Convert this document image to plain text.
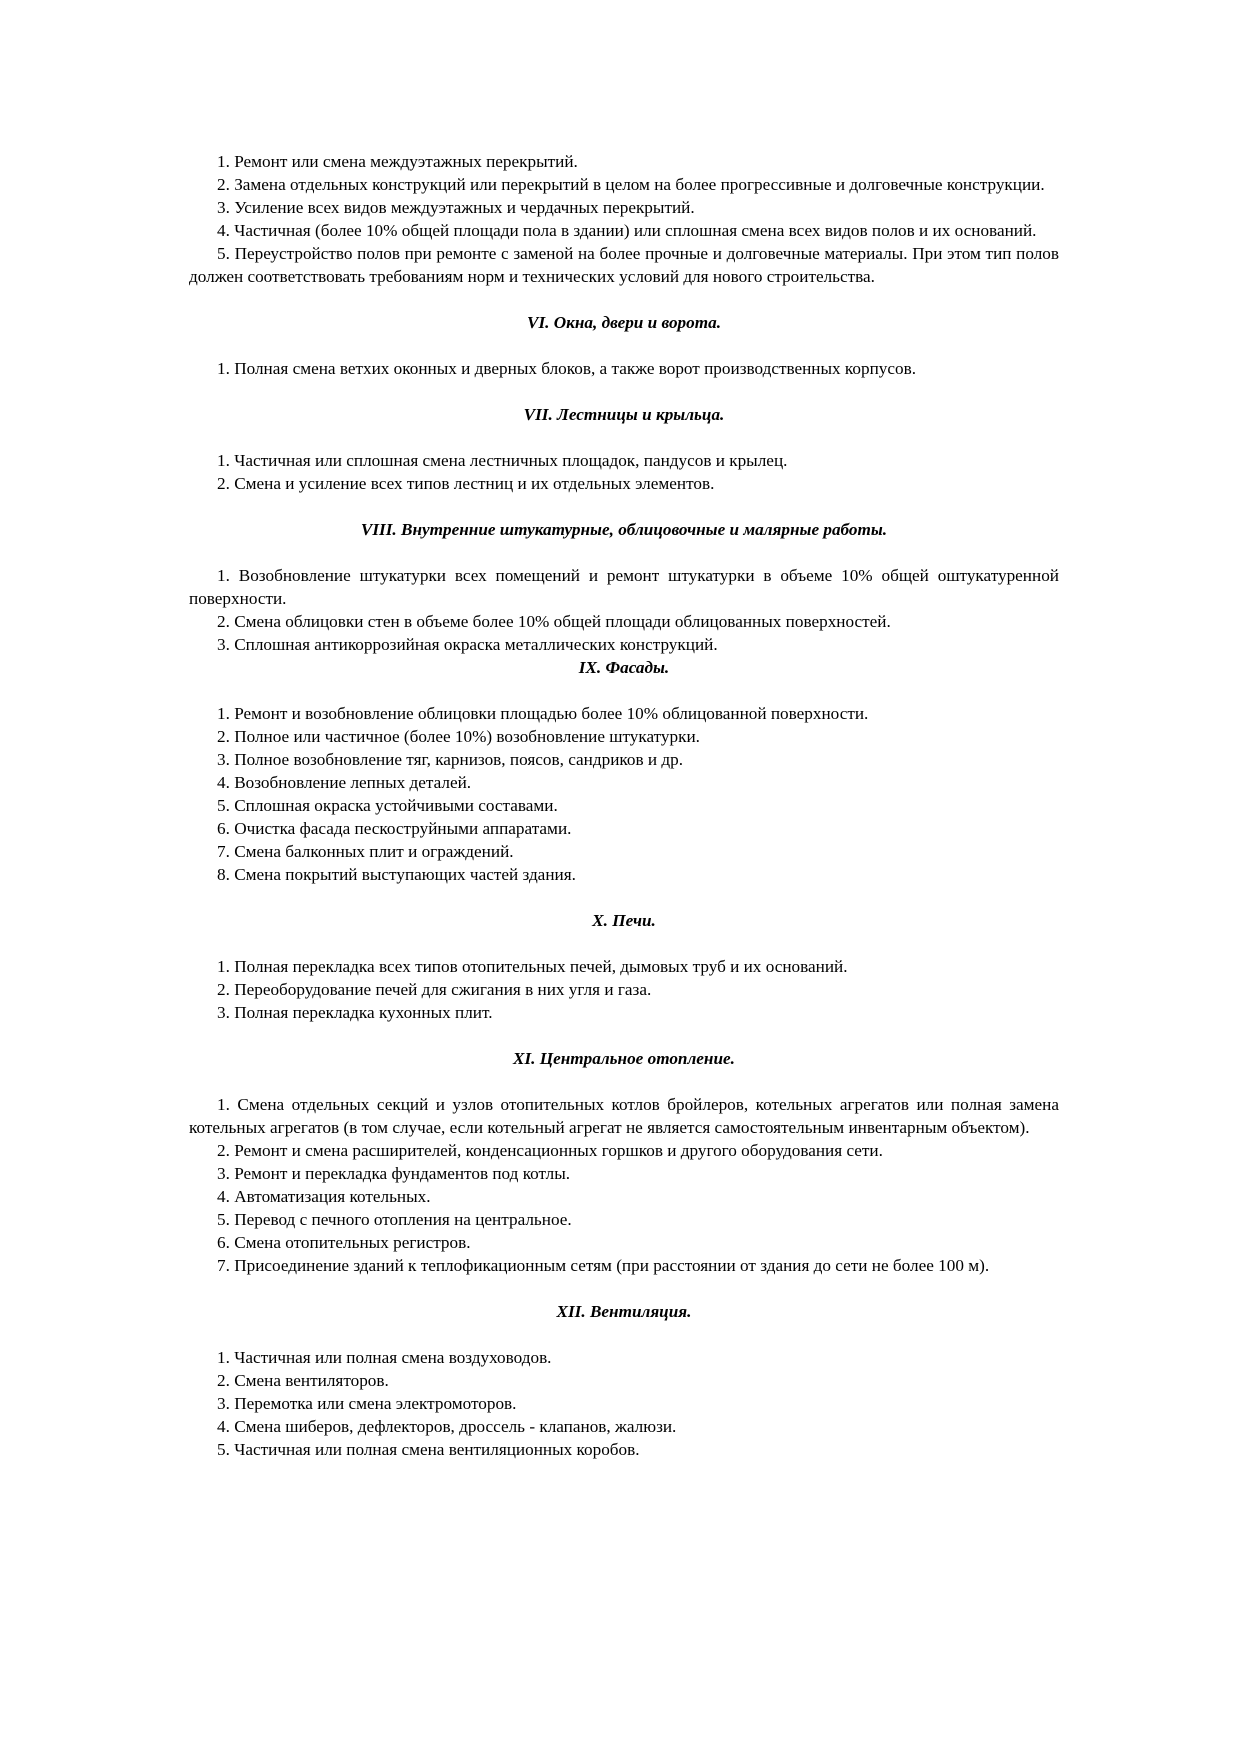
1. Ремонт или смена междуэтажных перекрытий.

2. Замена отдельных конструкций или перекрытий в целом на более прогрессивные и долговечные конструкции.

3. Усиление всех видов междуэтажных и чердачных перекрытий.

4. Частичная (более 10% общей площади пола в здании) или сплошная смена всех видов полов и их оснований.

5. Переустройство полов при ремонте с заменой на более прочные и долговечные материалы. При этом тип полов должен соответствовать требованиям норм и технических условий для нового строительства.

VI. Окна, двери и ворота.

1. Полная смена ветхих оконных и дверных блоков, а также ворот производственных корпусов.

VII. Лестницы и крыльца.

1. Частичная или сплошная смена лестничных площадок, пандусов и крылец.

2. Смена и усиление всех типов лестниц и их отдельных элементов.

VIII. Внутренние штукатурные, облицовочные и малярные работы.

1. Возобновление штукатурки всех помещений и ремонт штукатурки в объеме 10% общей оштукатуренной поверхности.

2. Смена облицовки стен в объеме более 10% общей площади облицованных поверхностей.

3. Сплошная антикоррозийная окраска металлических конструкций.

IX. Фасады.

1. Ремонт и возобновление облицовки площадью более 10% облицованной поверхности.

2. Полное или частичное (более 10%) возобновление штукатурки.

3. Полное возобновление тяг, карнизов, поясов, сандриков и др.

4. Возобновление лепных деталей.

5. Сплошная окраска устойчивыми составами.

6. Очистка фасада пескоструйными аппаратами.

7. Смена балконных плит и ограждений.

8. Смена покрытий выступающих частей здания.

X. Печи.

1. Полная перекладка всех типов отопительных печей, дымовых труб и их оснований.

2. Переоборудование печей для сжигания в них угля и газа.

3. Полная перекладка кухонных плит.

XI. Центральное отопление.

1. Смена отдельных секций и узлов отопительных котлов бройлеров, котельных агрегатов или полная замена котельных агрегатов (в том случае, если котельный агрегат не является самостоятельным инвентарным объектом).

2. Ремонт и смена расширителей, конденсационных горшков и другого оборудования сети.

3. Ремонт и перекладка фундаментов под котлы.

4. Автоматизация котельных.

5. Перевод с печного отопления на центральное.

6. Смена отопительных регистров.

7. Присоединение зданий к теплофикационным сетям (при расстоянии от здания до сети не более 100 м).

XII. Вентиляция.

1. Частичная или полная смена воздуховодов.

2. Смена вентиляторов.

3. Перемотка или смена электромоторов.

4. Смена шиберов, дефлекторов, дроссель - клапанов, жалюзи.

5. Частичная или полная смена вентиляционных коробов.
